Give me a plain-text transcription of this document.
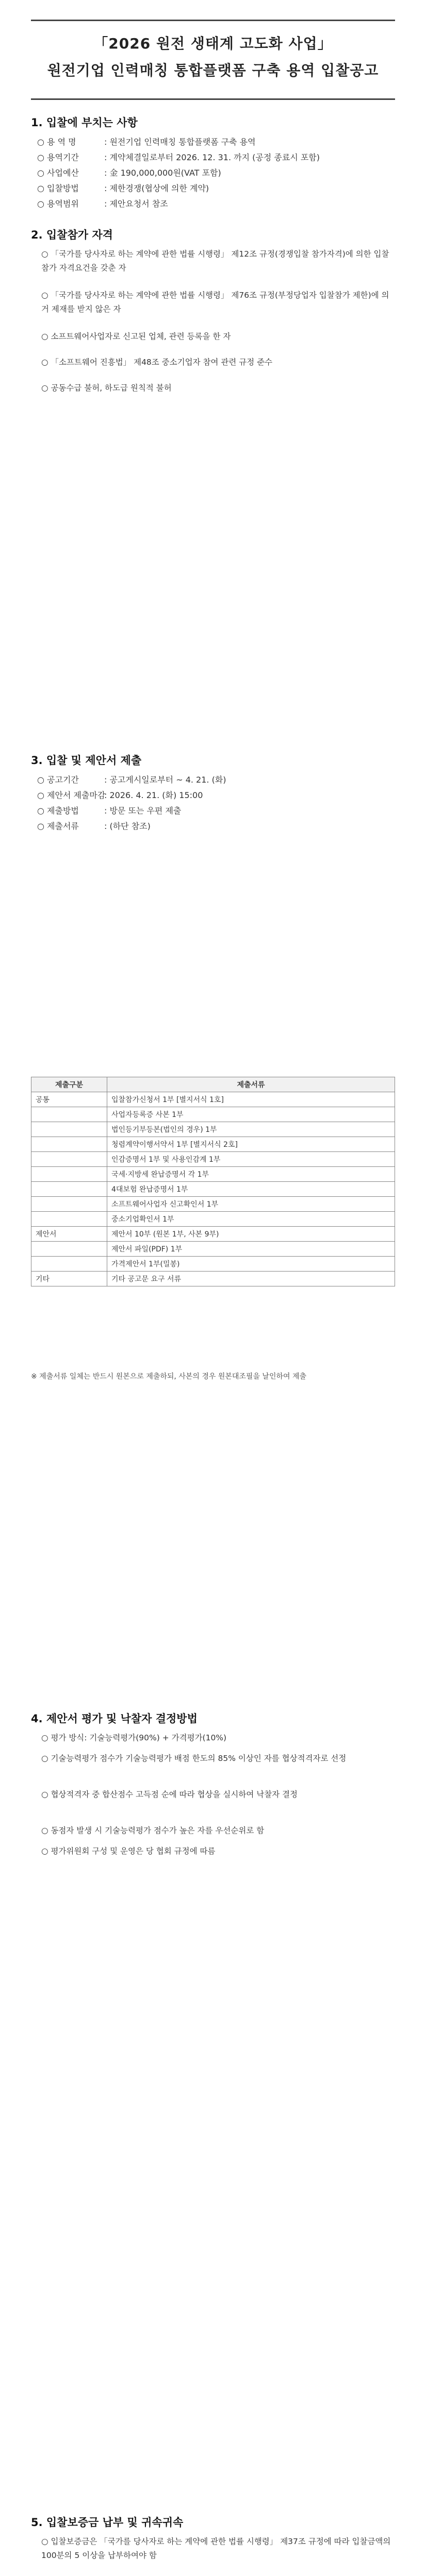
「2026 원전 생태계 고도화 사업」
원전기업 인력매칭 통합플랫폼 구축 용역 입찰공고
1. 입찰에 부치는 사항
○ 용 역 명	: 원전기업 인력매칭 통합플랫폼 구축 용역
○ 용역기간	: 계약체결일로부터 2026. 12. 31. 까지 (공정 종료시 포함)
○ 사업예산	: 金 190,000,000원(VAT 포함)
○ 입찰방법	: 제한경쟁(협상에 의한 계약)
○ 용역범위	: 제안요청서 참조
2. 입찰참가 자격
○ 「국가를 당사자로 하는 계약에 관한 법률 시행령」 제12조 규정(경쟁입찰 참가자격)에 의한 입찰참가 자격요건을 갖춘 자
○ 「국가를 당사자로 하는 계약에 관한 법률 시행령」 제76조 규정(부정당업자 입찰참가 제한)에 의거 제재를 받지 않은 자
○ 소프트웨어사업자로 신고된 업체, 관련 등록을 한 자
○ 「소프트웨어 진흥법」 제48조 중소기업자 참여 관련 규정 준수
○ 공동수급 불허, 하도급 원칙적 불허
3. 입찰 및 제안서 제출
○ 공고기간	: 공고게시일로부터 ~ 4. 21. (화)
○ 제안서 제출마감: 2026. 4. 21. (화) 15:00
○ 제출방법	: 방문 또는 우편 제출
○ 제출서류	: (하단 참조)
제출구분	제출서류
공통	입찰참가신청서 1부 [별지서식 1호]
	사업자등록증 사본 1부
	법인등기부등본(법인의 경우) 1부
	청렴계약이행서약서 1부 [별지서식 2호]
	인감증명서 1부 및 사용인감계 1부
	국세·지방세 완납증명서 각 1부
	4대보험 완납증명서 1부
	소프트웨어사업자 신고확인서 1부
	중소기업확인서 1부
제안서	제안서 10부 (원본 1부, 사본 9부)
	제안서 파일(PDF) 1부
	가격제안서 1부(밀봉)
기타	기타 공고문 요구 서류
※ 제출서류 일체는 반드시 원본으로 제출하되, 사본의 경우 원본대조필을 날인하여 제출
4. 제안서 평가 및 낙찰자 결정방법
○ 평가 방식: 기술능력평가(90%) + 가격평가(10%)
○ 기술능력평가 점수가 기술능력평가 배점 한도의 85% 이상인 자를 협상적격자로 선정
○ 협상적격자 중 합산점수 고득점 순에 따라 협상을 실시하여 낙찰자 결정
○ 동점자 발생 시 기술능력평가 점수가 높은 자를 우선순위로 함
○ 평가위원회 구성 및 운영은 당 협회 규정에 따름
5. 입찰보증금 납부 및 귀속귀속
○ 입찰보증금은 「국가를 당사자로 하는 계약에 관한 법률 시행령」 제37조 규정에 따라 입찰금액의 100분의 5 이상을 납부하여야 함
